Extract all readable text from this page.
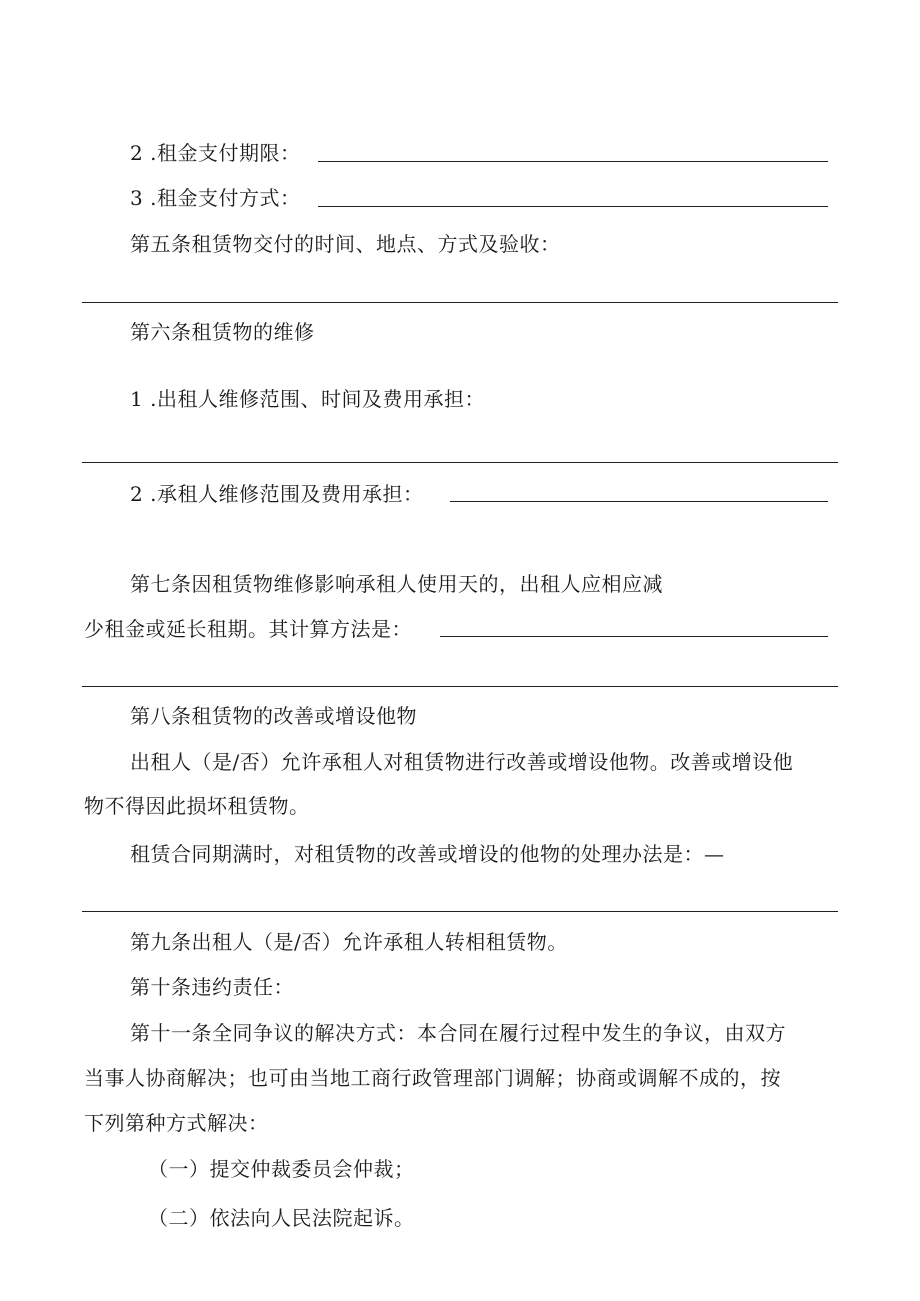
2 .租金支付期限：
3 .租金支付方式：
第五条租赁物交付的时间、地点、方式及验收：
第六条租赁物的维修
1 .出租人维修范围、时间及费用承担：
2 .承租人维修范围及费用承担：
第七条因租赁物维修影响承租人使用天的，出租人应相应减
少租金或延长租期。其计算方法是：
第八条租赁物的改善或增设他物
出租人（是/否）允许承租人对租赁物进行改善或增设他物。改善或增设他
物不得因此损坏租赁物。
租赁合同期满时，对租赁物的改善或增设的他物的处理办法是：—
第九条出租人（是/否）允许承租人转相租赁物。
第十条违约责任：
第十一条全同争议的解决方式：本合同在履行过程中发生的争议，由双方
当事人协商解决；也可由当地工商行政管理部门调解；协商或调解不成的，按
下列第种方式解决：
（一）提交仲裁委员会仲裁；
（二）依法向人民法院起诉。
